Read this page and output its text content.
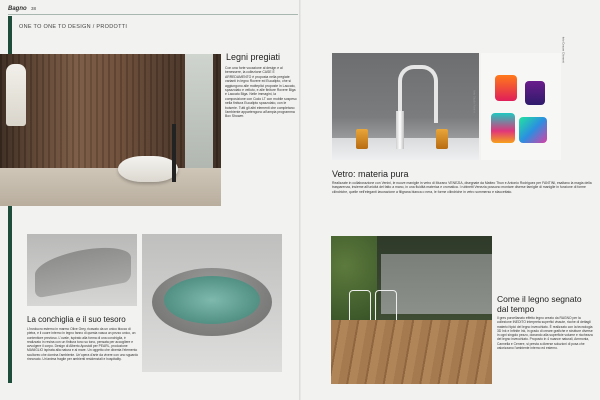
Bagno 38
ONE TO ONE TO DESIGN / PRODOTTI
Legni pregiati
Con una forte vocazione al design e al benessere, la collezione CASE E ARREDAMENTO è proposta nella pregiate varianti in legno Rovere ed Eucalipto, che si aggiungono alle molteplici proposte in Laccato, spazzolato e velluto, e alle finiture Rovere Biga e Laccato Biga. Nelle immagini, la composizione con Codo LT con mobile sospeso nella finitura Eucalipto spazzolato, con le boiserie. Tutti gli altri elementi che completano l'ambiente appartengono all'ampia programma Box Shower.
foto Studio Fantini
foto Cesare Chimenti
Vetro: materia pura
Realizzate in collaborazione con Venini, le nuove maniglie in vetro di Murano VENEZIA, disegnate da Matteo Thun e Antonio Rodriguez per FANTINI, esaltano la magia della trasparenza, insieme all'unicità del fatto a mano, in una fluidità materica e cromatica. I rubinetti Venezia possono montare diverse famiglie di maniglie in funzione di forme cilindriche, quelle nell'eleganti lavorazione a filigrana bianca o nera, le forme cilindriche in vetro sommerso e sfaccettato.
La conchiglia e il suo tesoro
L'involucro esterno in marmo Olive Grey, ricavato da un unico blocco di pietra, e il cuore interno in legno fanno di questa vasca un pezzo unico, un contenitore prezioso. L'ovale, ispirato alla forma di una conchiglia, è realizzato in resina con un finitura tono su tono, pensata per accogliere e avvolgere il corpo. Design di Alberto Apostoli per PEARL, produzione MANIGLIO ispirata alla natura e al mare. Un oggetto che diventa l'elemento scultoreo che domina l'ambiente. Un'opera d'arte da vivere con uno sguardo rinnovato. Un'anima fragile per ambienti residenziali e hospitality.
Come il legno segnato dal tempo
Il gres porcellanato effetto legno creato da RAGNO per la collezione INEDITO interpreta superfici vissute, ricche di dettagli materici tipici del legno invecchiato. È realizzato con la tecnologia 3D Ink e Infinite Ink, in grado di creare grafiche e strutture diverse in ogni singolo pezzo, donando alla superficie volume e ricchezza del legno invecchiato. Proposto in 4 nuance naturali, Ammonia, Cannella e Cenere, si presta a diverse soluzioni di posa che valorizzano l'ambiente interno ed esterno.
